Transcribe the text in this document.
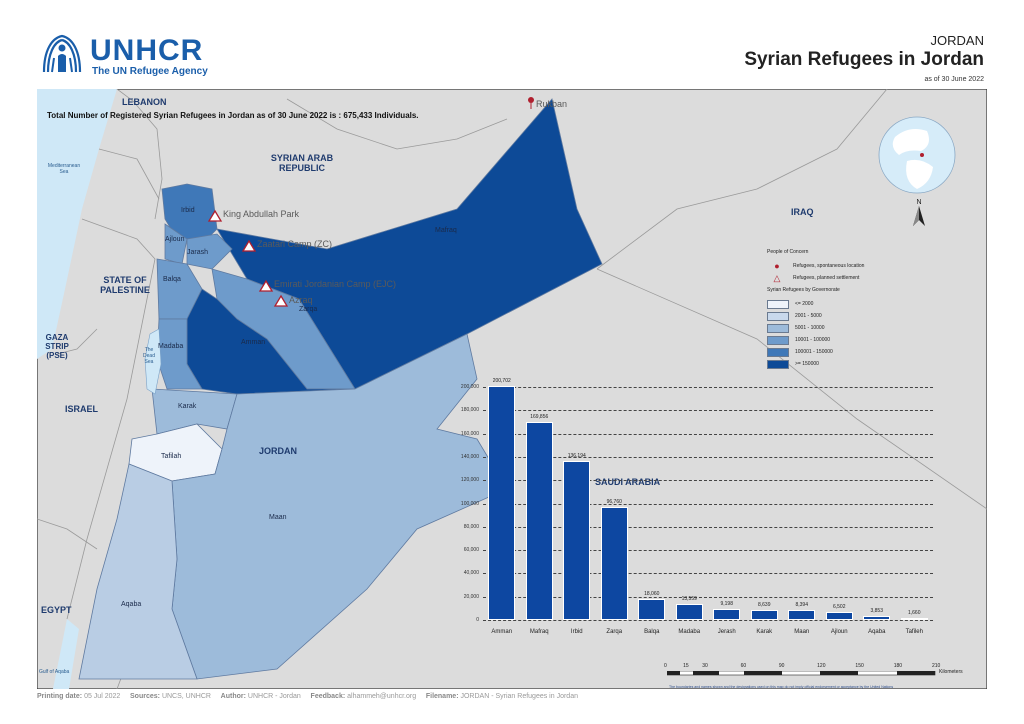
UNHCR
The UN Refugee Agency
JORDAN
Syrian Refugees in Jordan
as of 30 June 2022
Total Number of Registered Syrian Refugees in Jordan as of 30 June 2022 is : 675,433 Individuals.
LEBANON
SYRIAN ARAB REPUBLIC
IRAQ
STATE OF PALESTINE
GAZA STRIP (PSE)
ISRAEL
JORDAN
SAUDI ARABIA
EGYPT
Mediterranean Sea
The Dead Sea
Gulf of Aqaba
Irbid
Ajloun
Jarash
Mafraq
Balqa
Zarqa
Amman
Madaba
Karak
Tafilah
Maan
Aqaba
Rukban
King Abdullah Park
Zaatari Camp (ZC)
Emirati Jordanian Camp (EJC)
Azraq
N
People of Concern
●	Refugees, spontaneous location
△	Refugees, planned settlement
Syrian Refugees by Governorate
<= 2000
2001 - 5000
5001 - 10000
10001 - 100000
100001 - 150000
>= 150000
0	15	30	60	90	120	150	180	210
Kilometers
The boundaries and names shown and the designations used on this map do not imply official endorsement or acceptance by the United Nations
0
20,000
40,000
60,000
80,000
100,000
120,000
140,000
160,000
180,000
200,000
200,702
Amman
169,856
Mafraq
136,194
Irbid
96,760
Zarqa
18,060
Balqa
13,559
Madaba
9,198
Jerash
8,639
Karak
8,394
Maan
6,502
Ajloun
3,853
Aqaba
1,660
Tafileh
Printing date: 05 Jul 2022 Sources: UNCS, UNHCR Author: UNHCR - Jordan Feedback: alhammeh@unhcr.org Filename: JORDAN - Syrian Refugees in Jordan
